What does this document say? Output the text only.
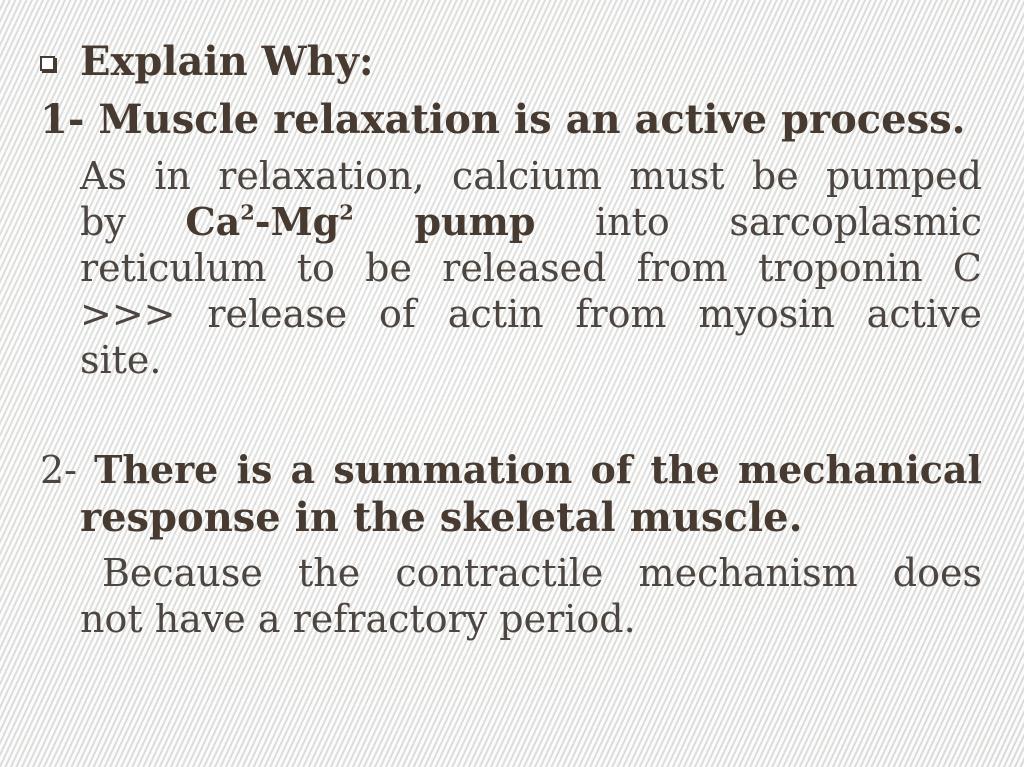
Explain Why:
1- Muscle relaxation is an active process.
As in relaxation, calcium must be pumped
by Ca$^2$-Mg$^2$ pump into sarcoplasmic
reticulum to be released from troponin C
>>> release of actin from myosin active
site.
2- There is a summation of the mechanical
response in the skeletal muscle.
Because the contractile mechanism does
not have a refractory period.
